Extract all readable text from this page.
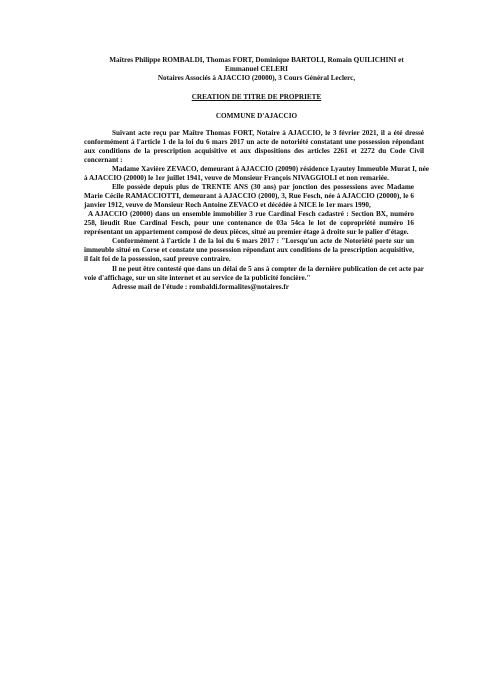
Maîtres Philippe ROMBALDI, Thomas FORT, Dominique BARTOLI, Romain QUILICHINI et
Emmanuel CELERI
Notaires Associés à AJACCIO (20000), 3 Cours Général Leclerc,
CREATION DE TITRE DE PROPRIETE
COMMUNE D'AJACCIO
Suivant acte reçu par Maître Thomas FORT, Notaire à AJACCIO, le 3 février 2021, il a été dressé conformément à l'article 1 de la loi du 6 mars 2017 un acte de notoriété constatant une possession répondant aux conditions de la prescription acquisitive et aux dispositions des articles 2261 et 2272 du Code Civil concernant :
Madame Xavière ZEVACO, demeurant à AJACCIO (20090) résidence Lyautey Immeuble Murat I, née à AJACCIO (20000) le 1er juillet 1941, veuve de Monsieur François NIVAGGIOLI et non remariée.
Elle possède depuis plus de TRENTE ANS (30 ans) par jonction des possessions avec Madame Marie Cécile RAMACCIOTTI, demeurant à AJACCIO (2000), 3, Rue Fesch, née à AJACCIO (20000), le 6 janvier 1912, veuve de Monsieur Roch Antoine ZEVACO et décédée à NICE le 1er mars 1990,
A AJACCIO (20000) dans un ensemble immobilier 3 rue Cardinal Fesch cadastré : Section BX, numéro 258, lieudit Rue Cardinal Fesch, pour une contenance de 03a 54ca le lot de copropriété numéro 16 représentant un appartement composé de deux pièces, situé au premier étage à droite sur le palier d'étage.
Conformément à l'article 1 de la loi du 6 mars 2017 : "Lorsqu'un acte de Notoriété porte sur un immeuble situé en Corse et constate une possession répondant aux conditions de la prescription acquisitive, il fait foi de la possession, sauf preuve contraire.
Il ne peut être contesté que dans un délai de 5 ans à compter de la dernière publication de cet acte par voie d'affichage, sur un site internet et au service de la publicité foncière."
Adresse mail de l'étude : rombaldi.formalites@notaires.fr
